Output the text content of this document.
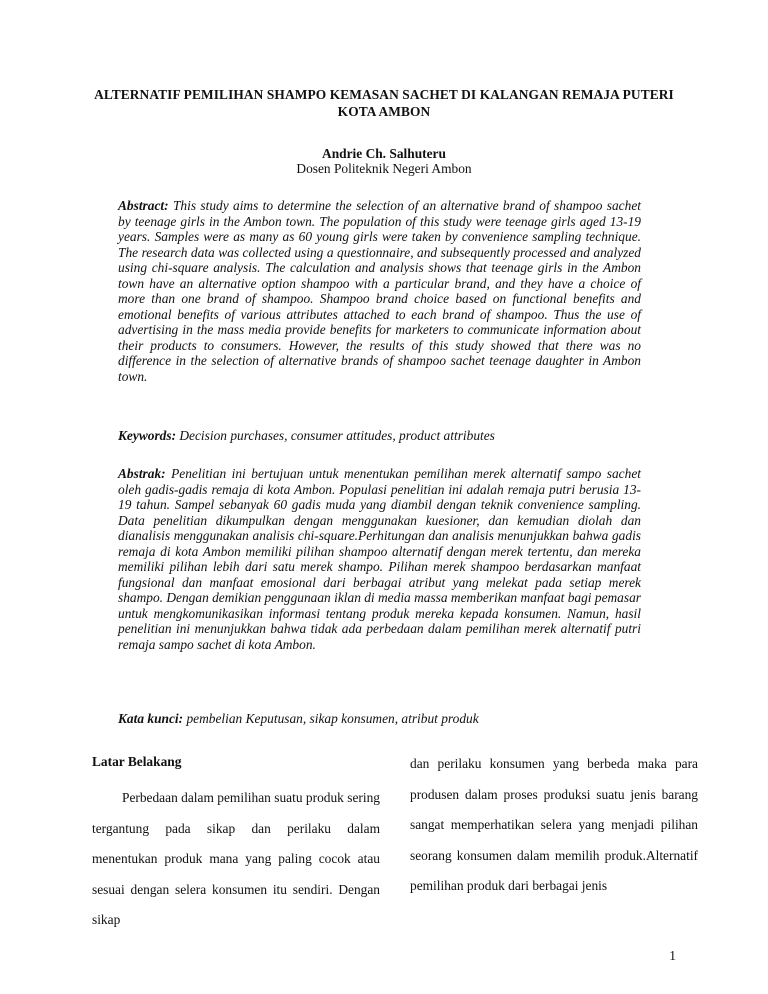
ALTERNATIF PEMILIHAN SHAMPO KEMASAN SACHET DI KALANGAN REMAJA PUTERI KOTA AMBON
Andrie Ch. Salhuteru
Dosen Politeknik Negeri Ambon
Abstract: This study aims to determine the selection of an alternative brand of shampoo sachet by teenage girls in the Ambon town. The population of this study were teenage girls aged 13-19 years. Samples were as many as 60 young girls were taken by convenience sampling technique. The research data was collected using a questionnaire, and subsequently processed and analyzed using chi-square analysis. The calculation and analysis shows that teenage girls in the Ambon town have an alternative option shampoo with a particular brand, and they have a choice of more than one brand of shampoo. Shampoo brand choice based on functional benefits and emotional benefits of various attributes attached to each brand of shampoo. Thus the use of advertising in the mass media provide benefits for marketers to communicate information about their products to consumers. However, the results of this study showed that there was no difference in the selection of alternative brands of shampoo sachet teenage daughter in Ambon town.
Keywords: Decision purchases, consumer attitudes, product attributes
Abstrak: Penelitian ini bertujuan untuk menentukan pemilihan merek alternatif sampo sachet oleh gadis-gadis remaja di kota Ambon. Populasi penelitian ini adalah remaja putri berusia 13-19 tahun. Sampel sebanyak 60 gadis muda yang diambil dengan teknik convenience sampling. Data penelitian dikumpulkan dengan menggunakan kuesioner, dan kemudian diolah dan dianalisis menggunakan analisis chi-square.Perhitungan dan analisis menunjukkan bahwa gadis remaja di kota Ambon memiliki pilihan shampoo alternatif dengan merek tertentu, dan mereka memiliki pilihan lebih dari satu merek shampo. Pilihan merek shampoo berdasarkan manfaat fungsional dan manfaat emosional dari berbagai atribut yang melekat pada setiap merek shampo. Dengan demikian penggunaan iklan di media massa memberikan manfaat bagi pemasar untuk mengkomunikasikan informasi tentang produk mereka kepada konsumen. Namun, hasil penelitian ini menunjukkan bahwa tidak ada perbedaan dalam pemilihan merek alternatif putri remaja sampo sachet di kota Ambon.
Kata kunci: pembelian Keputusan, sikap konsumen, atribut produk
Latar Belakang
Perbedaan dalam pemilihan suatu produk sering tergantung pada sikap dan perilaku dalam menentukan produk mana yang paling cocok atau sesuai dengan selera konsumen itu sendiri. Dengan sikap
dan perilaku konsumen yang berbeda maka para produsen dalam proses produksi suatu jenis barang sangat memperhatikan selera yang menjadi pilihan seorang konsumen dalam memilih produk.Alternatif pemilihan produk dari berbagai jenis
1
